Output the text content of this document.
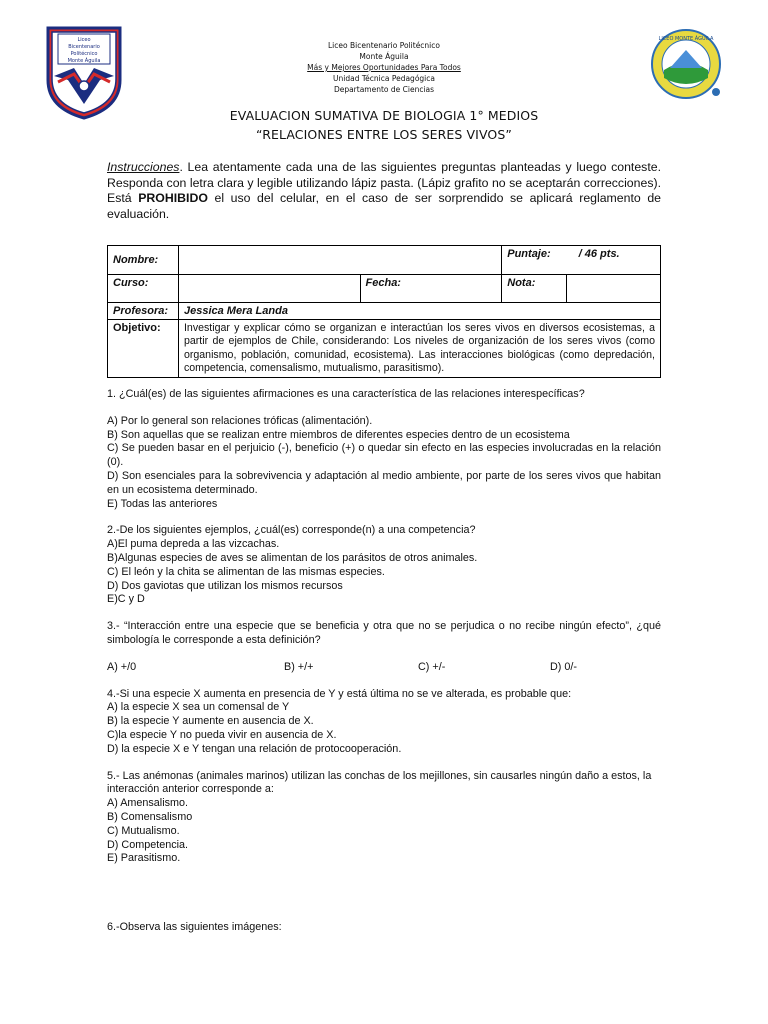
Liceo
Bicentenario
Politécnico
Monte Águila
LICEO MONTE ÁGUILA
Liceo Bicentenario Politécnico
Monte Águila
Más y Mejores Oportunidades Para Todos
Unidad Técnica Pedagógica
Departamento de Ciencias
EVALUACION SUMATIVA DE BIOLOGIA 1° MEDIOS
“RELACIONES ENTRE LOS SERES VIVOS”
Instrucciones. Lea atentamente cada una de las siguientes preguntas planteadas y luego conteste. Responda con letra clara y legible utilizando lápiz pasta. (Lápiz grafito no se aceptarán correcciones). Está PROHIBIDO el uso del celular, en el caso de ser sorprendido se aplicará reglamento de evaluación.
Nombre:			Puntaje: / 46 pts.	
Curso:		Fecha:	Nota:	
Profesora:	Jessica Mera Landa			
Objetivo:	Investigar y explicar cómo se organizan e interactúan los seres vivos en diversos ecosistemas, a partir de ejemplos de Chile, considerando: Los niveles de organización de los seres vivos (como organismo, población, comunidad, ecosistema). Las interacciones biológicas (como depredación, competencia, comensalismo, mutualismo, parasitismo).			

1. ¿Cuál(es) de las siguientes afirmaciones es una característica de las relaciones interespecíficas?

A) Por lo general son relaciones tróficas (alimentación).

B) Son aquellas que se realizan entre miembros de diferentes especies dentro de un ecosistema

C) Se pueden basar en el perjuicio (-), beneficio (+) o quedar sin efecto en las especies involucradas en la relación (0).

D) Son esenciales para la sobrevivencia y adaptación al medio ambiente, por parte de los seres vivos que habitan en un ecosistema determinado.

E) Todas las anteriores

2.-De los siguientes ejemplos, ¿cuál(es) corresponde(n) a una competencia?

A)El puma depreda a las vizcachas.

B)Algunas especies de aves se alimentan de los parásitos de otros animales.

C) El león y la chita se alimentan de las mismas especies.

D) Dos gaviotas que utilizan los mismos recursos

E)C y D

3.- “Interacción entre una especie que se beneficia y otra que no se perjudica o no recibe ningún efecto”, ¿qué simbología le corresponde a esta definición?

A) +/0	B) +/+	C) +/-	D) 0/-

4.-Si una especie X aumenta en presencia de Y y está última no se ve alterada, es probable que:

A) la especie X sea un comensal de Y

B) la especie Y aumente en ausencia de X.

C)la especie Y no pueda vivir en ausencia de X.

D) la especie X e Y tengan una relación de protocooperación.

5.- Las anémonas (animales marinos) utilizan las conchas de los mejillones, sin causarles ningún daño a estos, la interacción anterior corresponde a:

A) Amensalismo.

B) Comensalismo

C) Mutualismo.

D) Competencia.

E) Parasitismo.

6.-Observa las siguientes imágenes:
